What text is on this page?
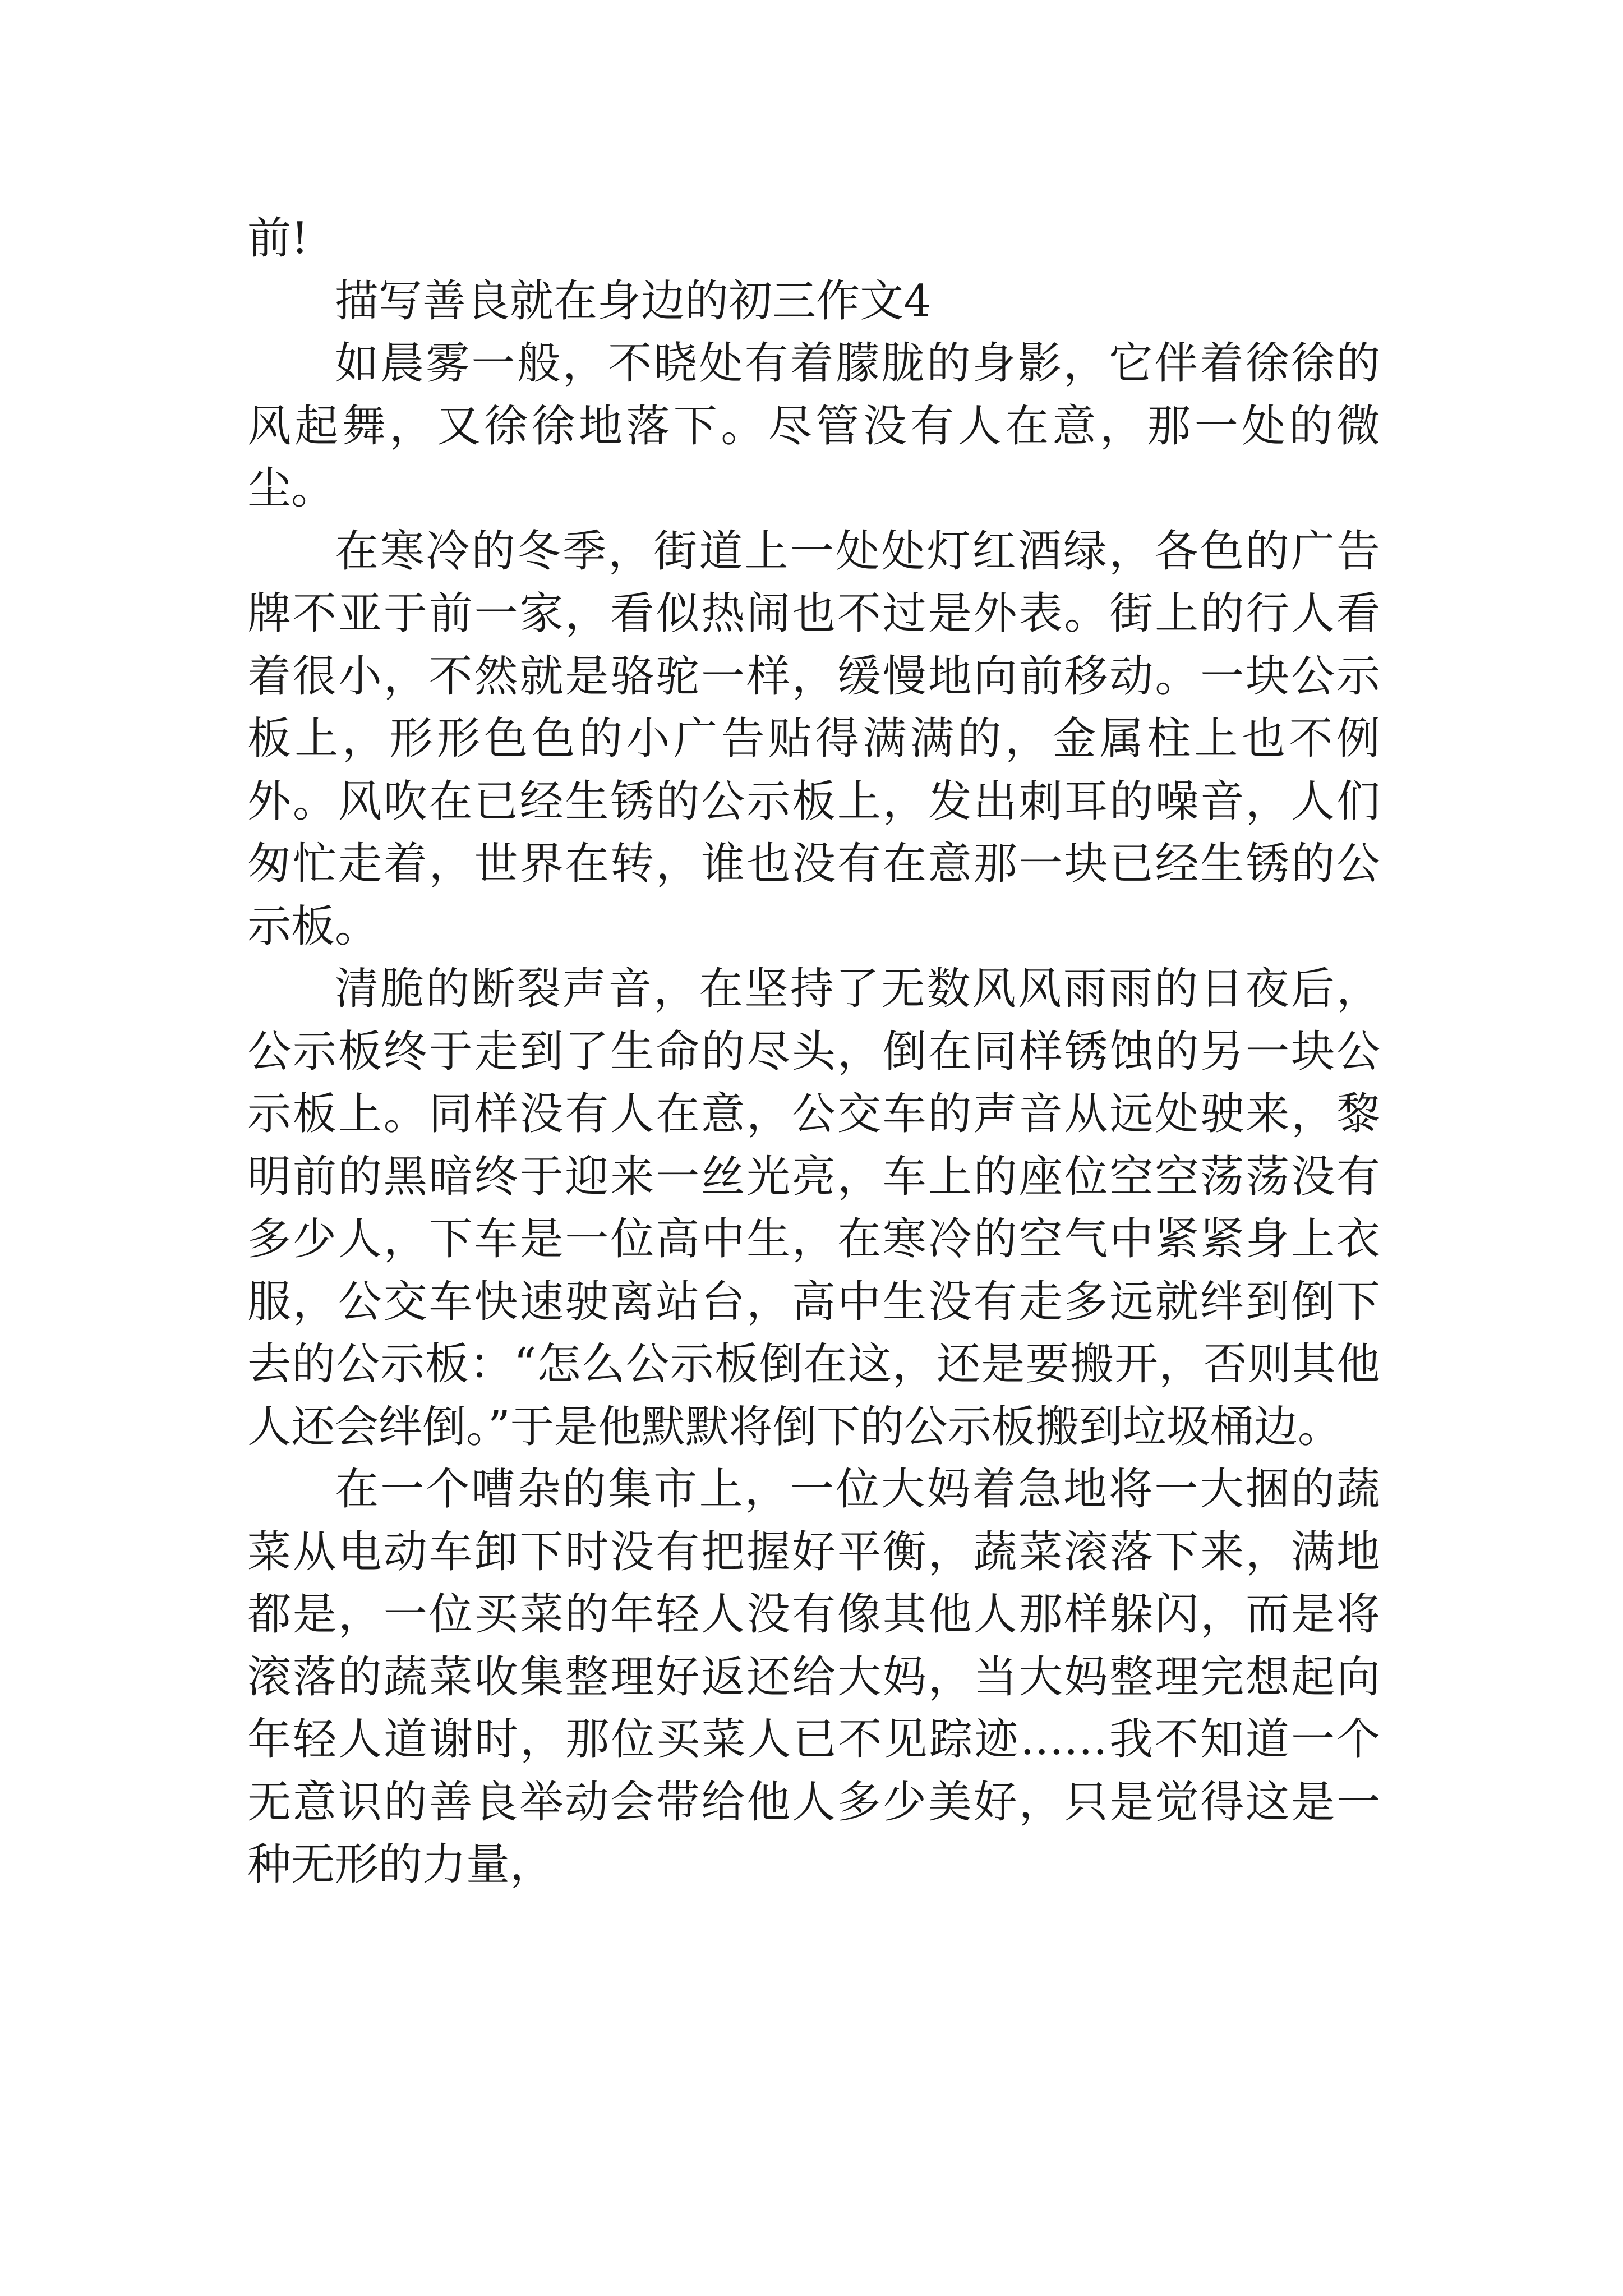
前!

描写善良就在身边的初三作文4

如晨雾一般，不晓处有着朦胧的身影，它伴着徐徐的风起舞，又徐徐地落下。尽管没有人在意，那一处的微尘。

在寒冷的冬季，街道上一处处灯红酒绿，各色的广告牌不亚于前一家，看似热闹也不过是外表。街上的行人看着很小，不然就是骆驼一样，缓慢地向前移动。一块公示板上，形形色色的小广告贴得满满的，金属柱上也不例外。风吹在已经生锈的公示板上，发出刺耳的噪音，人们匆忙走着，世界在转，谁也没有在意那一块已经生锈的公示板。

清脆的断裂声音，在坚持了无数风风雨雨的日夜后，公示板终于走到了生命的尽头，倒在同样锈蚀的另一块公示板上。同样没有人在意，公交车的声音从远处驶来，黎明前的黑暗终于迎来一丝光亮，车上的座位空空荡荡没有多少人，下车是一位高中生，在寒冷的空气中紧紧身上衣服，公交车快速驶离站台，高中生没有走多远就绊到倒下去的公示板：“怎么公示板倒在这，还是要搬开，否则其他人还会绊倒。”于是他默默将倒下的公示板搬到垃圾桶边。

在一个嘈杂的集市上，一位大妈着急地将一大捆的蔬菜从电动车卸下时没有把握好平衡，蔬菜滚落下来，满地都是，一位买菜的年轻人没有像其他人那样躲闪，而是将滚落的蔬菜收集整理好返还给大妈，当大妈整理完想起向年轻人道谢时，那位买菜人已不见踪迹……我不知道一个无意识的善良举动会带给他人多少美好，只是觉得这是一种无形的力量，
